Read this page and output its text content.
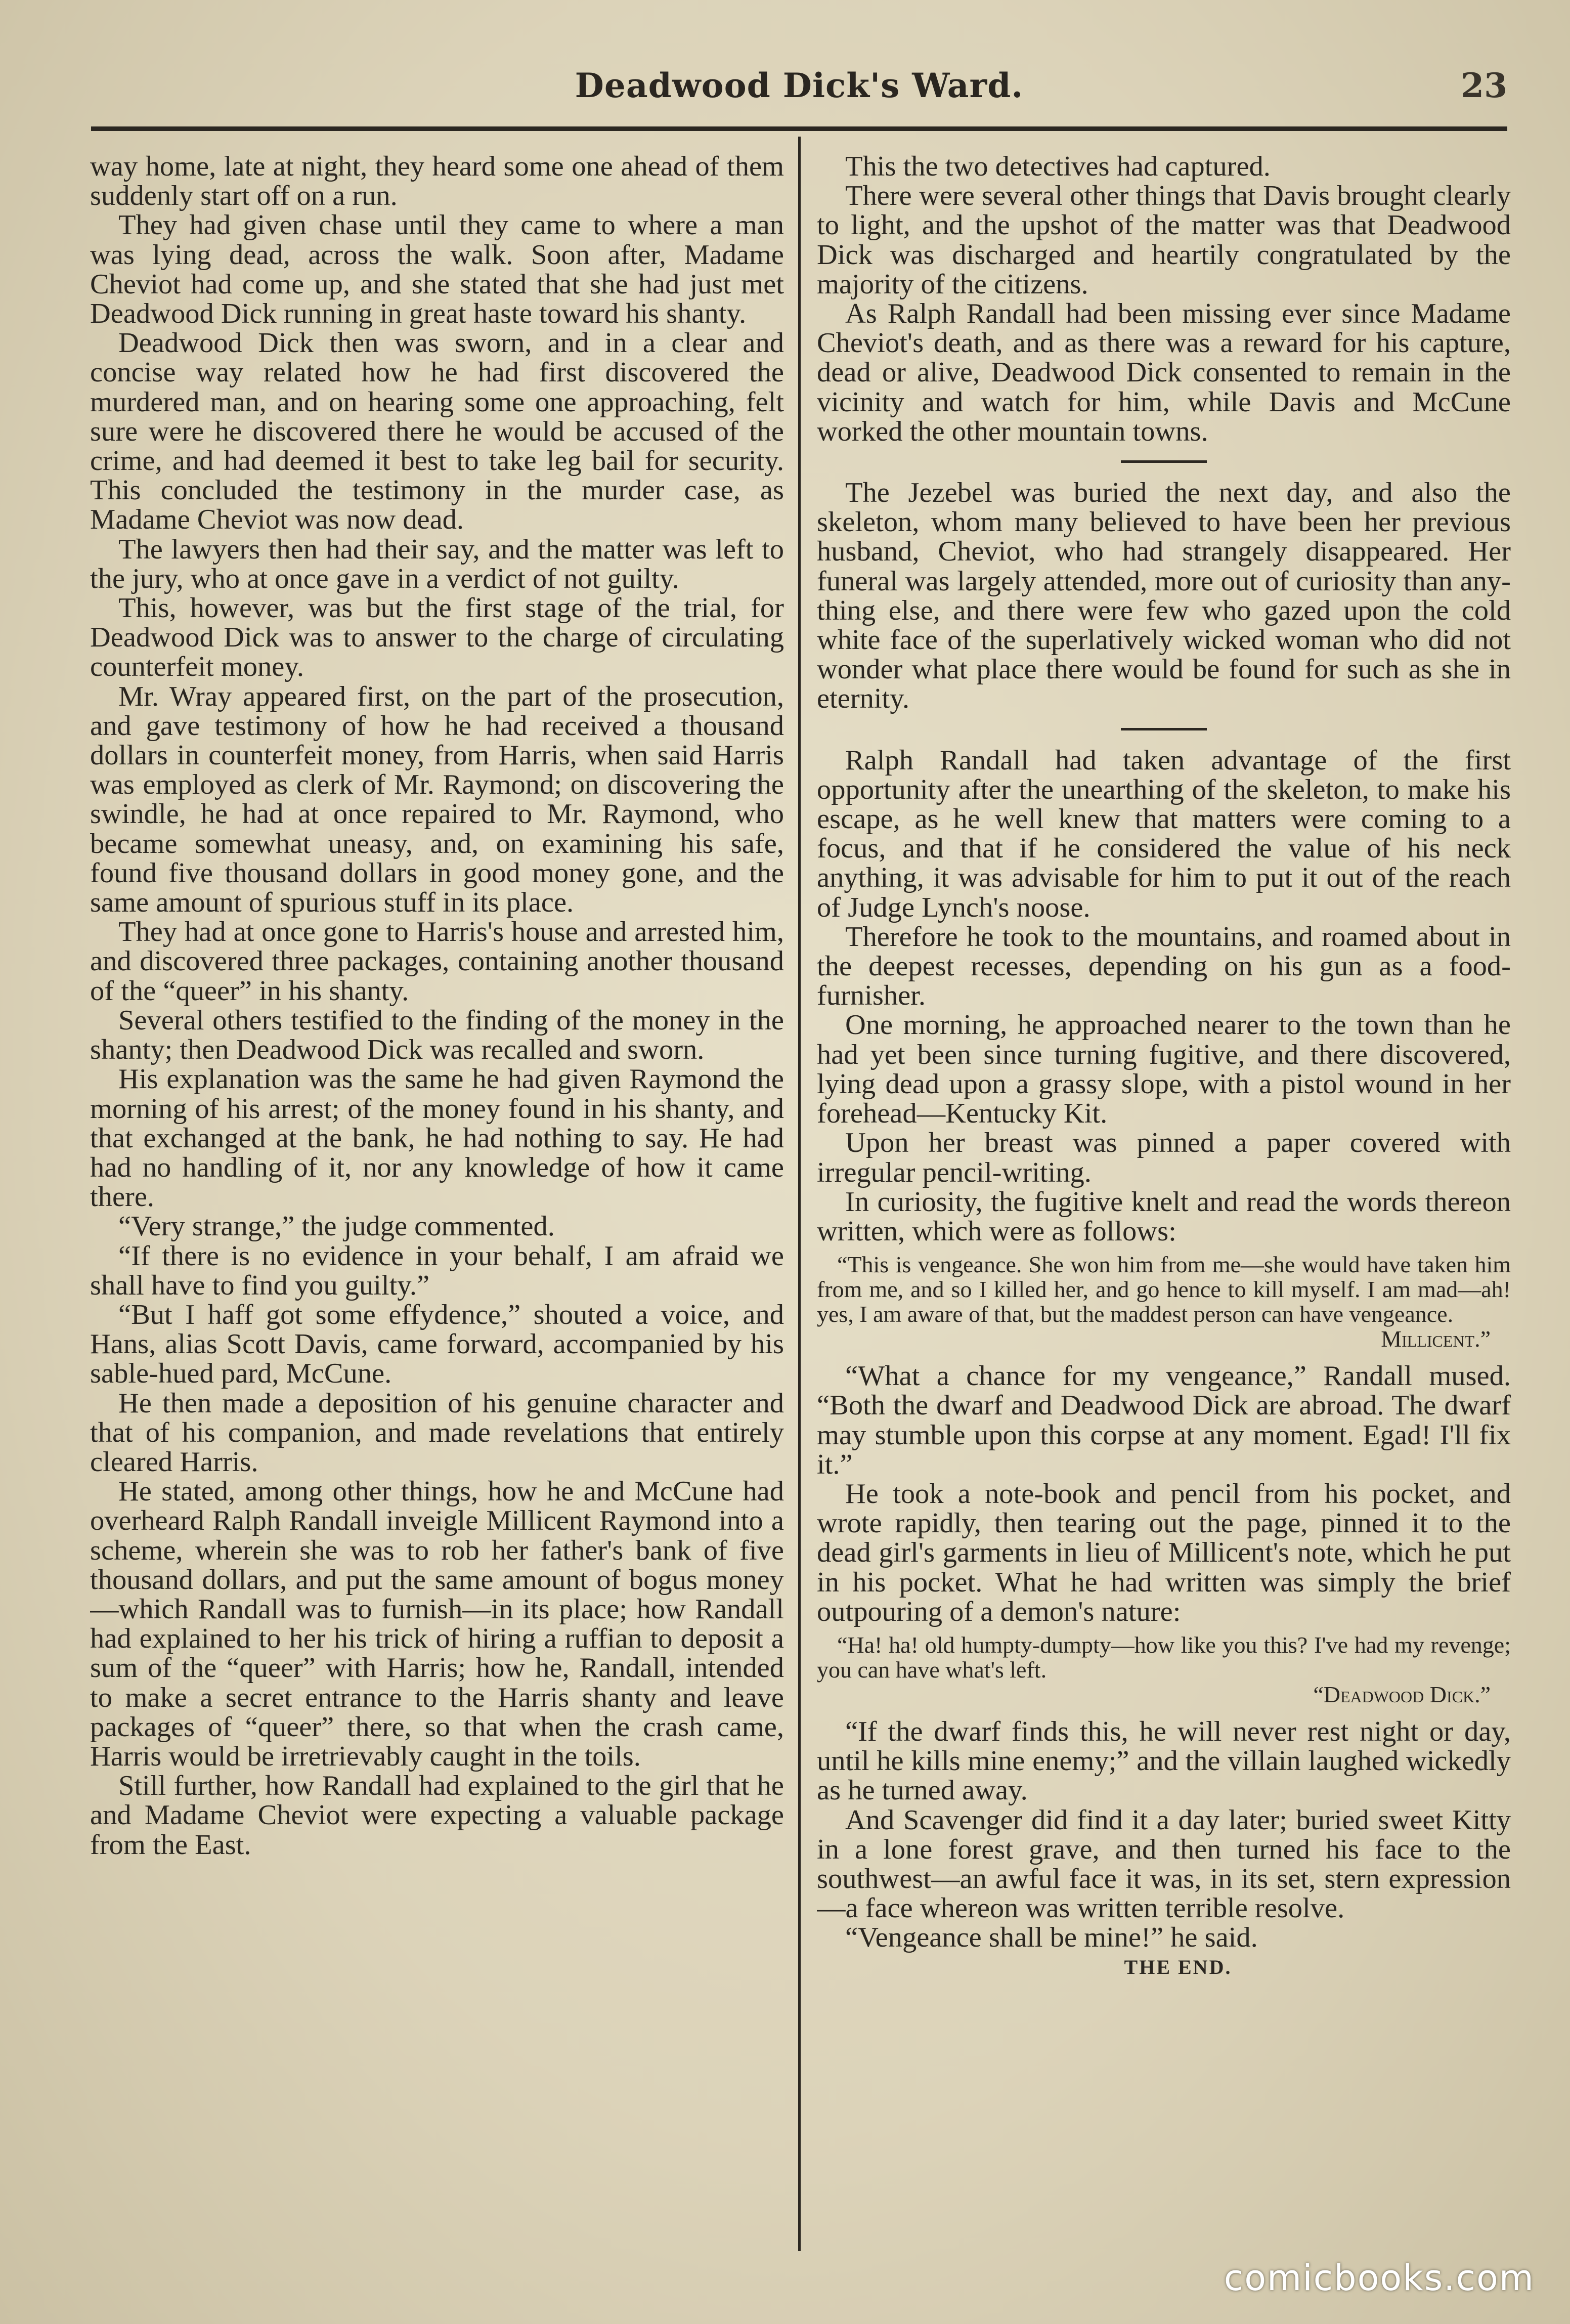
Deadwood Dick's Ward.	23

way home, late at night, they heard some one ahead of them suddenly start off on a run.

They had given chase until they came to where a man was lying dead, across the walk. Soon after, Madame Cheviot had come up, and she stated that she had just met Deadwood Dick running in great haste toward his shanty.

Deadwood Dick then was sworn, and in a clear and concise way related how he had first discovered the murdered man, and on hearing some one approaching, felt sure were he discovered there he would be accused of the crime, and had deemed it best to take leg bail for security. This concluded the testimony in the murder case, as Madame Cheviot was now dead.

The lawyers then had their say, and the matter was left to the jury, who at once gave in a verdict of not guilty.

This, however, was but the first stage of the trial, for Deadwood Dick was to answer to the charge of circulating counterfeit money.

Mr. Wray appeared first, on the part of the prosecution, and gave testimony of how he had received a thousand dollars in counterfeit money, from Harris, when said Harris was employed as clerk of Mr. Raymond; on discovering the swindle, he had at once repaired to Mr. Raymond, who became somewhat uneasy, and, on examining his safe, found five thousand dollars in good money gone, and the same amount of spurious stuff in its place.

They had at once gone to Harris's house and arrested him, and discovered three packages, containing another thousand of the “queer” in his shanty.

Several others testified to the finding of the money in the shanty; then Deadwood Dick was recalled and sworn.

His explanation was the same he had given Raymond the morning of his arrest; of the money found in his shanty, and that exchanged at the bank, he had nothing to say. He had had no handling of it, nor any knowledge of how it came there.

“Very strange,” the judge commented.

“If there is no evidence in your behalf, I am afraid we shall have to find you guilty.”

“But I haff got some effydence,” shouted a voice, and Hans, alias Scott Davis, came forward, accompanied by his sable-hued pard, McCune.

He then made a deposition of his genuine character and that of his companion, and made revelations that entirely cleared Harris.

He stated, among other things, how he and McCune had overheard Ralph Randall inveigle Millicent Raymond into a scheme, wherein she was to rob her father's bank of five thousand dollars, and put the same amount of bogus money—which Randall was to furnish—in its place; how Randall had explained to her his trick of hiring a ruffian to deposit a sum of the “queer” with Harris; how he, Randall, intended to make a secret entrance to the Harris shanty and leave packages of “queer” there, so that when the crash came, Harris would be irretrievably caught in the toils.

Still further, how Randall had explained to the girl that he and Madame Cheviot were expecting a valuable package from the East.

This the two detectives had captured.

There were several other things that Davis brought clearly to light, and the upshot of the matter was that Deadwood Dick was discharged and heartily congratulated by the majority of the citizens.

As Ralph Randall had been missing ever since Madame Cheviot's death, and as there was a reward for his capture, dead or alive, Deadwood Dick consented to remain in the vicinity and watch for him, while Davis and McCune worked the other mountain towns.

The Jezebel was buried the next day, and also the skeleton, whom many believed to have been her previous husband, Cheviot, who had strangely disappeared. Her funeral was largely attended, more out of curiosity than anything else, and there were few who gazed upon the cold white face of the superlatively wicked woman who did not wonder what place there would be found for such as she in eternity.

Ralph Randall had taken advantage of the first opportunity after the unearthing of the skeleton, to make his escape, as he well knew that matters were coming to a focus, and that if he considered the value of his neck anything, it was advisable for him to put it out of the reach of Judge Lynch's noose.

Therefore he took to the mountains, and roamed about in the deepest recesses, depending on his gun as a food-furnisher.

One morning, he approached nearer to the town than he had yet been since turning fugitive, and there discovered, lying dead upon a grassy slope, with a pistol wound in her forehead—Kentucky Kit.

Upon her breast was pinned a paper covered with irregular pencil-writing.

In curiosity, the fugitive knelt and read the words thereon written, which were as follows:

“This is vengeance. She won him from me—she would have taken him from me, and so I killed her, and go hence to kill myself. I am mad—ah! yes, I am aware of that, but the maddest person can have vengeance.
Millicent.”

“What a chance for my vengeance,” Randall mused. “Both the dwarf and Deadwood Dick are abroad. The dwarf may stumble upon this corpse at any moment. Egad! I'll fix it.”

He took a note-book and pencil from his pocket, and wrote rapidly, then tearing out the page, pinned it to the dead girl's garments in lieu of Millicent's note, which he put in his pocket. What he had written was simply the brief outpouring of a demon's nature:

“Ha! ha! old humpty-dumpty—how like you this? I've had my revenge; you can have what's left.
“Deadwood Dick.”

“If the dwarf finds this, he will never rest night or day, until he kills mine enemy;” and the villain laughed wickedly as he turned away.

And Scavenger did find it a day later; buried sweet Kitty in a lone forest grave, and then turned his face to the southwest—an awful face it was, in its set, stern expression—a face whereon was written terrible resolve.

“Vengeance shall be mine!” he said.

THE END.

comicbooks.com
